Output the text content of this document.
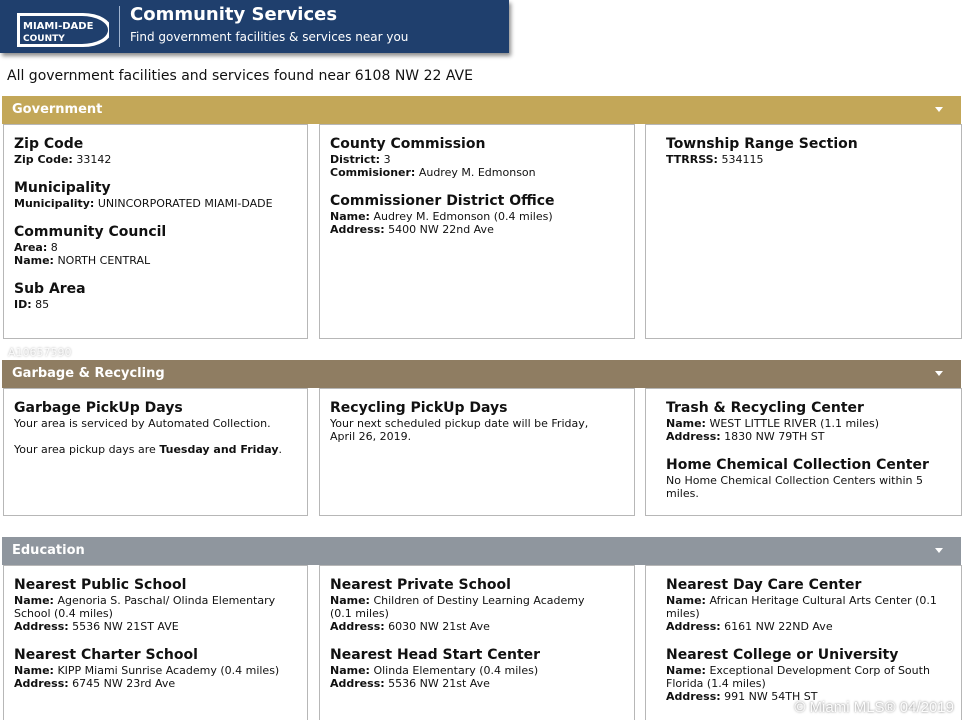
MIAMI-DADE
COUNTY
Community Services
Find government facilities & services near you
All government facilities and services found near 6108 NW 22 AVE
Government
Zip Code
Zip Code: 33142
Municipality
Municipality: UNINCORPORATED MIAMI-DADE
Community Council
Area: 8
Name: NORTH CENTRAL
Sub Area
ID: 85
County Commission
District: 3
Commisioner: Audrey M. Edmonson
Commissioner District Office
Name: Audrey M. Edmonson (0.4 miles)
Address: 5400 NW 22nd Ave
Township Range Section
TTRRSS: 534115
Garbage & Recycling
Garbage PickUp Days
Your area is serviced by Automated Collection.
Your area pickup days are Tuesday and Friday.
Recycling PickUp Days
Your next scheduled pickup date will be Friday,
April 26, 2019.
Trash & Recycling Center
Name: WEST LITTLE RIVER (1.1 miles)
Address: 1830 NW 79TH ST
Home Chemical Collection Center
No Home Chemical Collection Centers within 5
miles.
Education
Nearest Public School
Name: Agenoria S. Paschal/ Olinda Elementary
School (0.4 miles)
Address: 5536 NW 21ST AVE
Nearest Charter School
Name: KIPP Miami Sunrise Academy (0.4 miles)
Address: 6745 NW 23rd Ave
Nearest Private School
Name: Children of Destiny Learning Academy
(0.1 miles)
Address: 6030 NW 21st Ave
Nearest Head Start Center
Name: Olinda Elementary (0.4 miles)
Address: 5536 NW 21st Ave
Nearest Day Care Center
Name: African Heritage Cultural Arts Center (0.1
miles)
Address: 6161 NW 22ND Ave
Nearest College or University
Name: Exceptional Development Corp of South
Florida (1.4 miles)
Address: 991 NW 54TH ST
A10657590
© Miami MLS® 04/2019
